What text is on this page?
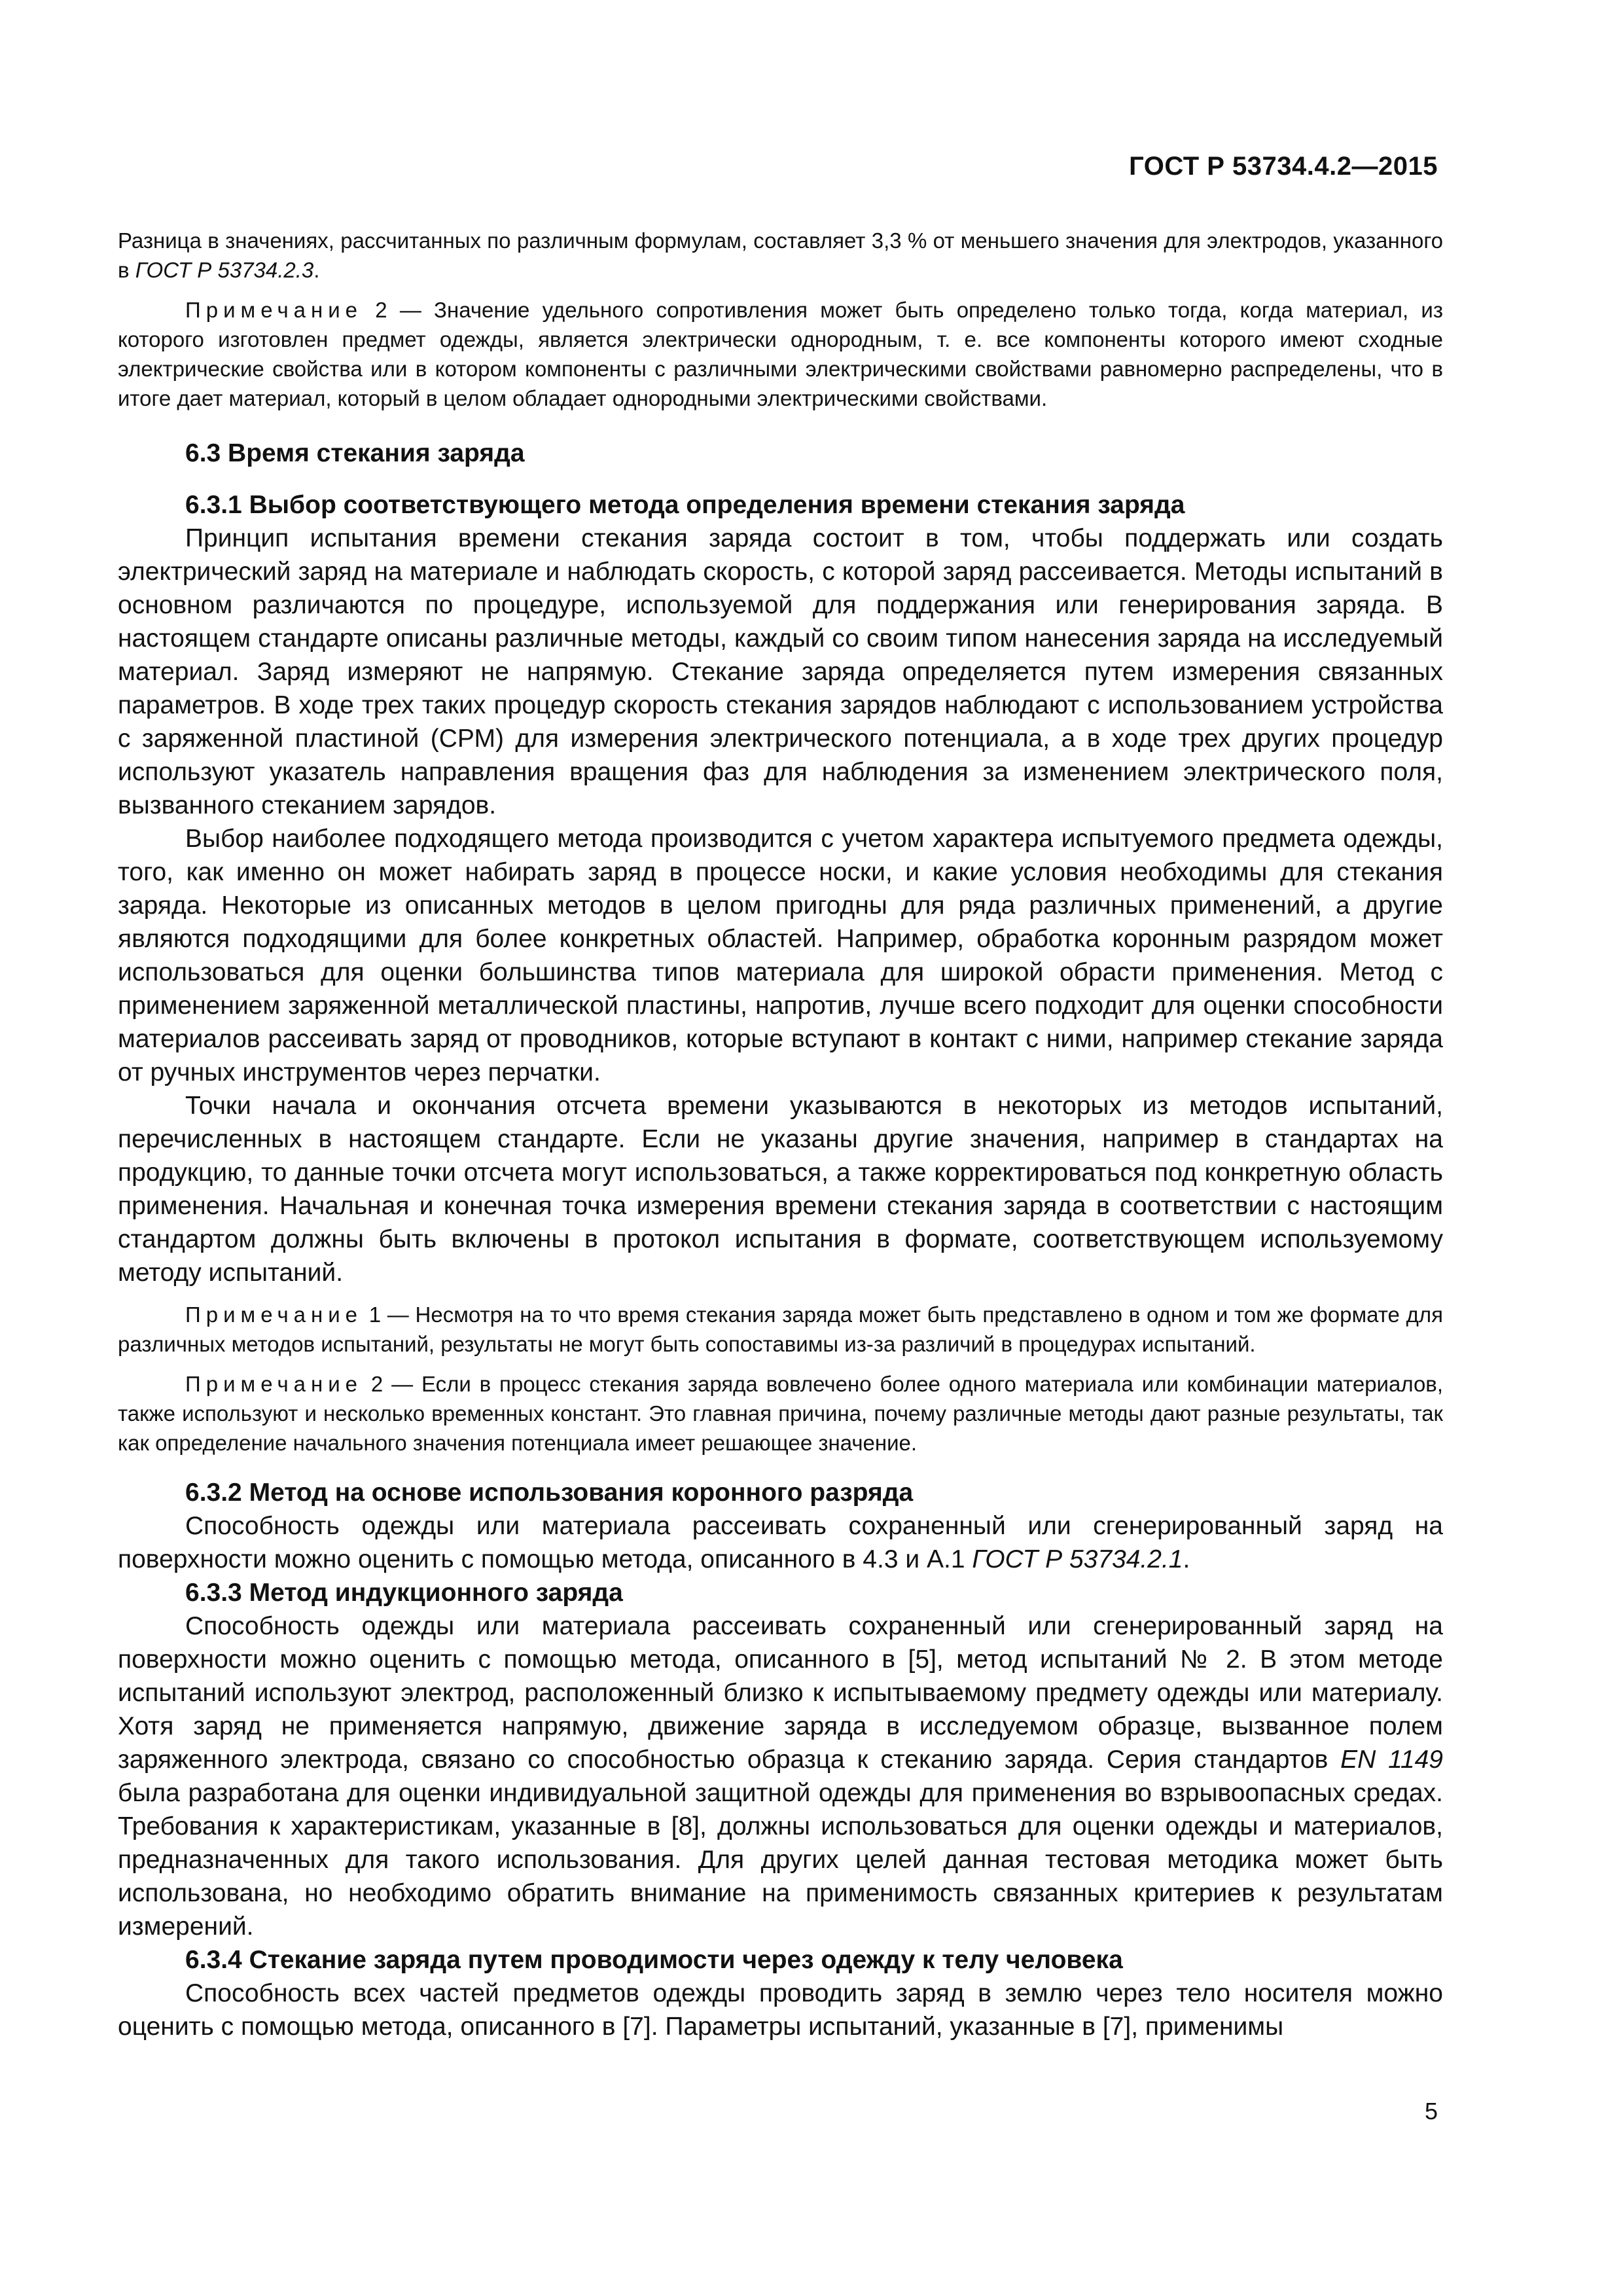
ГОСТ Р 53734.4.2—2015

Разница в значениях, рассчитанных по различным формулам, составляет 3,3 % от меньшего значения для электродов, указанного в ГОСТ Р 53734.2.3.

Примечание 2 — Значение удельного сопротивления может быть определено только тогда, когда материал, из которого изготовлен предмет одежды, является электрически однородным, т. е. все компоненты которого имеют сходные электрические свойства или в котором компоненты с различными электрическими свойствами равномерно распределены, что в итоге дает материал, который в целом обладает однородными электрическими свойствами.

6.3 Время стекания заряда

6.3.1 Выбор соответствующего метода определения времени стекания заряда

Принцип испытания времени стекания заряда состоит в том, чтобы поддержать или создать электрический заряд на материале и наблюдать скорость, с которой заряд рассеивается. Методы испытаний в основном различаются по процедуре, используемой для поддержания или генерирования заряда. В настоящем стандарте описаны различные методы, каждый со своим типом нанесения заряда на исследуемый материал. Заряд измеряют не напрямую. Стекание заряда определяется путем измерения связанных параметров. В ходе трех таких процедур скорость стекания зарядов наблюдают с использованием устройства с заряженной пластиной (СРМ) для измерения электрического потенциала, а в ходе трех других процедур используют указатель направления вращения фаз для наблюдения за изменением электрического поля, вызванного стеканием зарядов.

Выбор наиболее подходящего метода производится с учетом характера испытуемого предмета одежды, того, как именно он может набирать заряд в процессе носки, и какие условия необходимы для стекания заряда. Некоторые из описанных методов в целом пригодны для ряда различных применений, а другие являются подходящими для более конкретных областей. Например, обработка коронным разрядом может использоваться для оценки большинства типов материала для широкой обрасти применения. Метод с применением заряженной металлической пластины, напротив, лучше всего подходит для оценки способности материалов рассеивать заряд от проводников, которые вступают в контакт с ними, например стекание заряда от ручных инструментов через перчатки.

Точки начала и окончания отсчета времени указываются в некоторых из методов испытаний, перечисленных в настоящем стандарте. Если не указаны другие значения, например в стандартах на продукцию, то данные точки отсчета могут использоваться, а также корректироваться под конкретную область применения. Начальная и конечная точка измерения времени стекания заряда в соответствии с настоящим стандартом должны быть включены в протокол испытания в формате, соответствующем используемому методу испытаний.

Примечание 1 — Несмотря на то что время стекания заряда может быть представлено в одном и том же формате для различных методов испытаний, результаты не могут быть сопоставимы из-за различий в процедурах испытаний.

Примечание 2 — Если в процесс стекания заряда вовлечено более одного материала или комбинации материалов, также используют и несколько временных констант. Это главная причина, почему различные методы дают разные результаты, так как определение начального значения потенциала имеет решающее значение.

6.3.2 Метод на основе использования коронного разряда

Способность одежды или материала рассеивать сохраненный или сгенерированный заряд на поверхности можно оценить с помощью метода, описанного в 4.3 и А.1 ГОСТ Р 53734.2.1.

6.3.3 Метод индукционного заряда

Способность одежды или материала рассеивать сохраненный или сгенерированный заряд на поверхности можно оценить с помощью метода, описанного в [5], метод испытаний № 2. В этом методе испытаний используют электрод, расположенный близко к испытываемому предмету одежды или материалу. Хотя заряд не применяется напрямую, движение заряда в исследуемом образце, вызванное полем заряженного электрода, связано со способностью образца к стеканию заряда. Серия стандартов EN 1149 была разработана для оценки индивидуальной защитной одежды для применения во взрывоопасных средах. Требования к характеристикам, указанные в [8], должны использоваться для оценки одежды и материалов, предназначенных для такого использования. Для других целей данная тестовая методика может быть использована, но необходимо обратить внимание на применимость связанных критериев к результатам измерений.

6.3.4 Стекание заряда путем проводимости через одежду к телу человека

Способность всех частей предметов одежды проводить заряд в землю через тело носителя можно оценить с помощью метода, описанного в [7]. Параметры испытаний, указанные в [7], применимы

5
